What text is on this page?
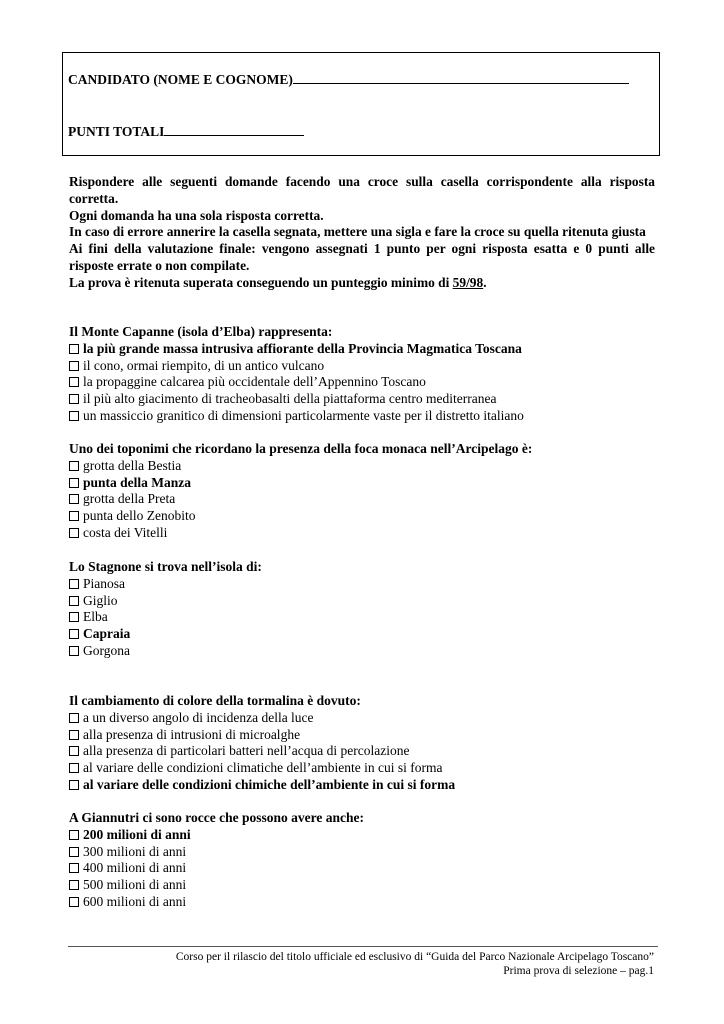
CANDIDATO (NOME E COGNOME)
PUNTI TOTALI

Rispondere alle seguenti domande facendo una croce sulla casella corrispondente alla risposta corretta.

Ogni domanda ha una sola risposta corretta.

In caso di errore annerire la casella segnata, mettere una sigla e fare la croce su quella ritenuta giusta

Ai fini della valutazione finale: vengono assegnati 1 punto per ogni risposta esatta e 0 punti alle risposte errate o non compilate.

La prova è ritenuta superata conseguendo un punteggio minimo di 59/98.

Il Monte Capanne (isola d’Elba) rappresenta:
la più grande massa intrusiva affiorante della Provincia Magmatica Toscana
il cono, ormai riempito, di un antico vulcano
la propaggine calcarea più occidentale dell’Appennino Toscano
il più alto giacimento di tracheobasalti della piattaforma centro mediterranea
un massiccio granitico di dimensioni particolarmente vaste per il distretto italiano
Uno dei toponimi che ricordano la presenza della foca monaca nell’Arcipelago è:
grotta della Bestia
punta della Manza
grotta della Preta
punta dello Zenobito
costa dei Vitelli
Lo Stagnone si trova nell’isola di:
Pianosa
Giglio
Elba
Capraia
Gorgona
Il cambiamento di colore della tormalina è dovuto:
a un diverso angolo di incidenza della luce
alla presenza di intrusioni di microalghe
alla presenza di particolari batteri nell’acqua di percolazione
al variare delle condizioni climatiche dell’ambiente in cui si forma
al variare delle condizioni chimiche dell’ambiente in cui si forma
A Giannutri ci sono rocce che possono avere anche:
200 milioni di anni
300 milioni di anni
400 milioni di anni
500 milioni di anni
600 milioni di anni
Corso per il rilascio del titolo ufficiale ed esclusivo di “Guida del Parco Nazionale Arcipelago Toscano”
Prima prova di selezione – pag.1
